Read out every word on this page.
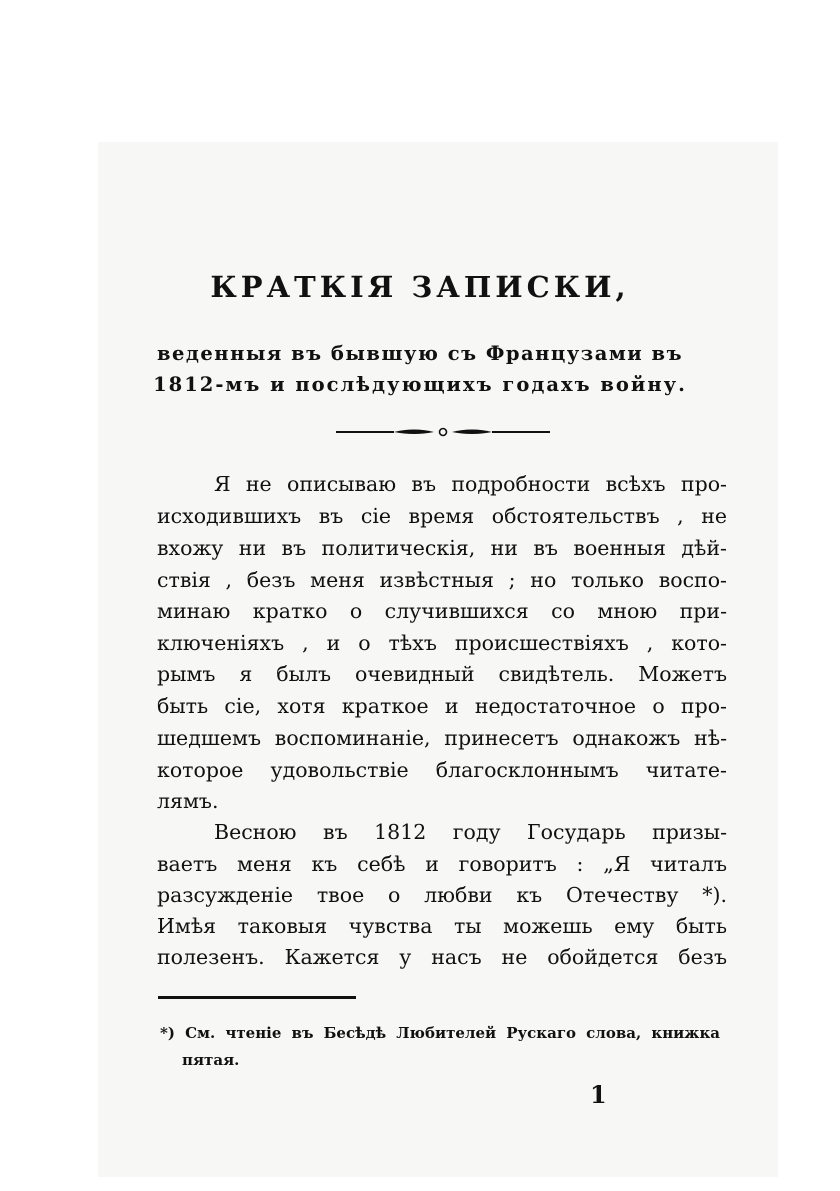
КРАТКІЯ ЗАПИСКИ,
веденныя въ бывшую съ Французами въ
1812-мъ и послѣдующихъ годахъ войну.
Я не описываю въ подробности всѣхъ про-
исходившихъ въ сіе время обстоятельствъ , не
вхожу ни въ политическія, ни въ военныя дѣй-
ствія , безъ меня извѣстныя ; но только воспо-
минаю кратко о случившихся со мною при-
ключеніяхъ , и о тѣхъ происшествіяхъ , кото-
рымъ я былъ очевидный свидѣтель. Можетъ
быть сіе, хотя краткое и недостаточное о про-
шедшемъ воспоминаніе, принесетъ однакожъ нѣ-
которое удовольствіе благосклоннымъ читате-
лямъ.
Весною въ 1812 году Государь призы-
ваетъ меня къ себѣ и говоритъ : „Я читалъ
разсужденіе твое о любви къ Отечеству *).
Имѣя таковыя чувства ты можешь ему быть
полезенъ. Кажется у насъ не обойдется безъ
*) См. чтеніе въ Бесѣдѣ Любителей Рускаго слова, книжка
пятая.
1
